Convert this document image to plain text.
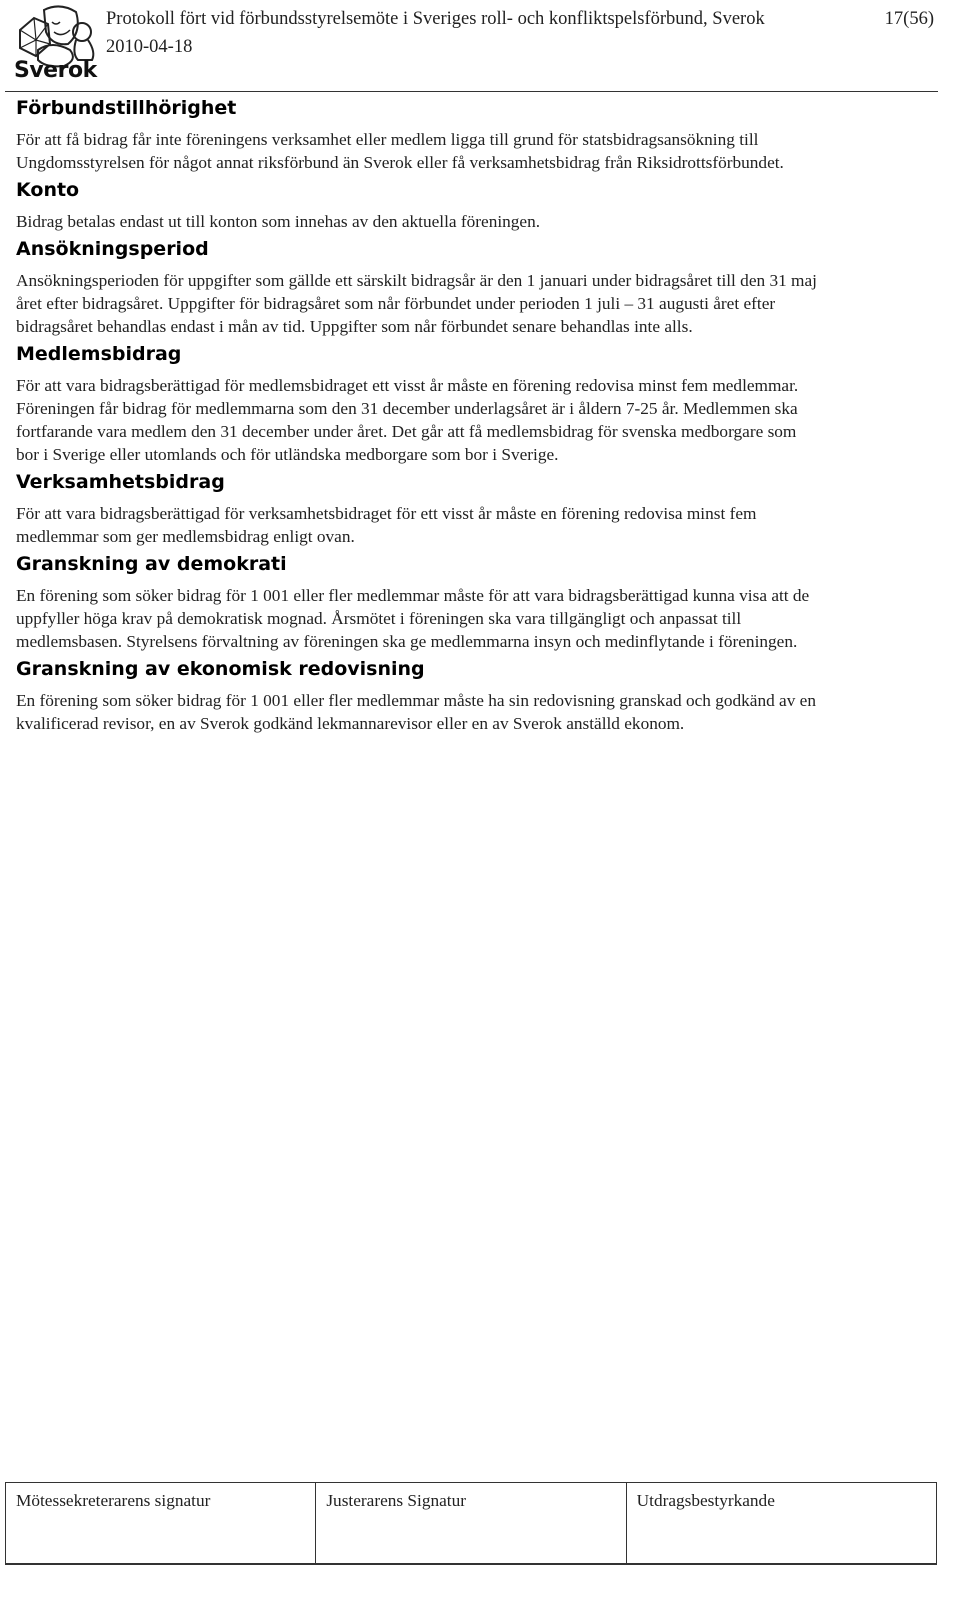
Sverok
Protokoll fört vid förbundsstyrelsemöte i Sveriges roll- och konfliktspelsförbund, Sverok
2010-04-18
17(56)
Förbundstillhörighet

För att få bidrag får inte föreningens verksamhet eller medlem ligga till grund för statsbidragsansökning till
Ungdomsstyrelsen för något annat riksförbund än Sverok eller få verksamhetsbidrag från Riksidrottsförbundet.

Konto

Bidrag betalas endast ut till konton som innehas av den aktuella föreningen.

Ansökningsperiod

Ansökningsperioden för uppgifter som gällde ett särskilt bidragsår är den 1 januari under bidragsåret till den 31 maj
året efter bidragsåret. Uppgifter för bidragsåret som når förbundet under perioden 1 juli – 31 augusti året efter
bidragsåret behandlas endast i mån av tid. Uppgifter som når förbundet senare behandlas inte alls.

Medlemsbidrag

För att vara bidragsberättigad för medlemsbidraget ett visst år måste en förening redovisa minst fem medlemmar.
Föreningen får bidrag för medlemmarna som den 31 december underlagsåret är i åldern 7-25 år. Medlemmen ska
fortfarande vara medlem den 31 december under året. Det går att få medlemsbidrag för svenska medborgare som
bor i Sverige eller utomlands och för utländska medborgare som bor i Sverige.

Verksamhetsbidrag

För att vara bidragsberättigad för verksamhetsbidraget för ett visst år måste en förening redovisa minst fem
medlemmar som ger medlemsbidrag enligt ovan.

Granskning av demokrati

En förening som söker bidrag för 1 001 eller fler medlemmar måste för att vara bidragsberättigad kunna visa att de
uppfyller höga krav på demokratisk mognad. Årsmötet i föreningen ska vara tillgängligt och anpassat till
medlemsbasen. Styrelsens förvaltning av föreningen ska ge medlemmarna insyn och medinflytande i föreningen.

Granskning av ekonomisk redovisning

En förening som söker bidrag för 1 001 eller fler medlemmar måste ha sin redovisning granskad och godkänd av en
kvalificerad revisor, en av Sverok godkänd lekmannarevisor eller en av Sverok anställd ekonom.

Mötessekreterarens signatur	Justerarens Signatur	Utdragsbestyrkande
